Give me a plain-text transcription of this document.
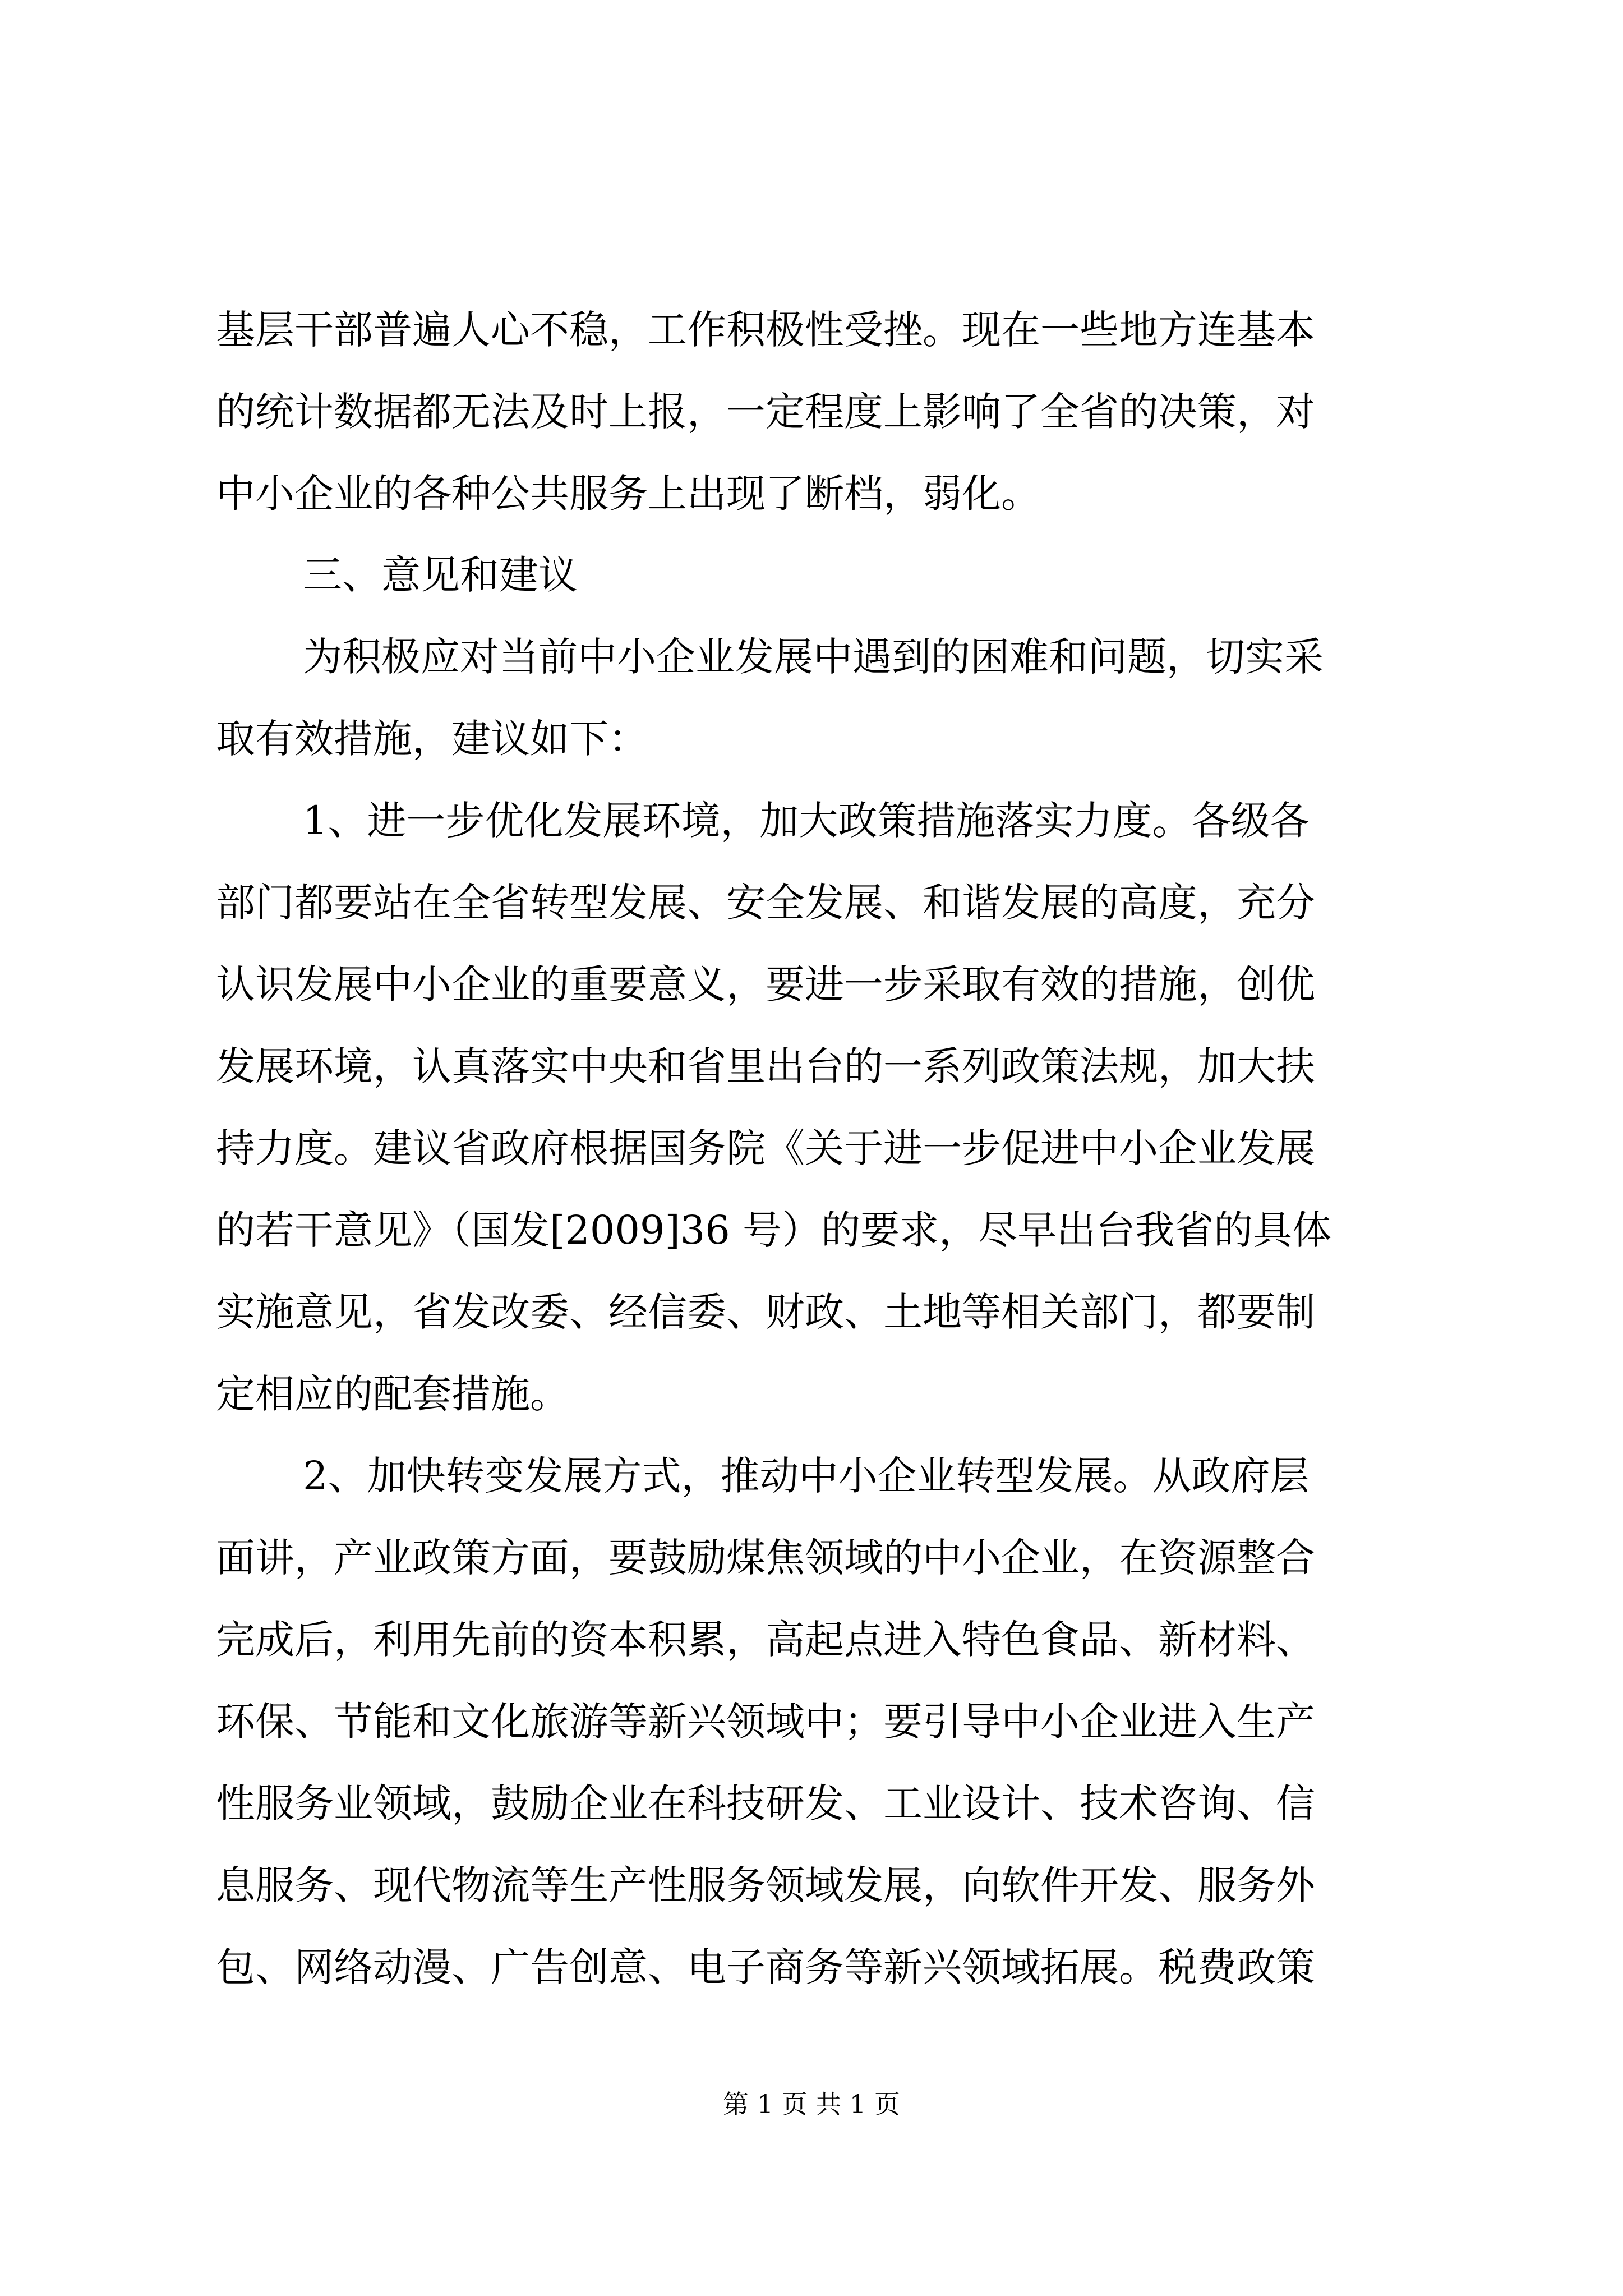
基层干部普遍人心不稳，工作积极性受挫。现在一些地方连基本
的统计数据都无法及时上报，一定程度上影响了全省的决策，对
中小企业的各种公共服务上出现了断档，弱化。
三、意见和建议
为积极应对当前中小企业发展中遇到的困难和问题，切实采
取有效措施，建议如下：
1、进一步优化发展环境，加大政策措施落实力度。各级各
部门都要站在全省转型发展、安全发展、和谐发展的高度，充分
认识发展中小企业的重要意义，要进一步采取有效的措施，创优
发展环境，认真落实中央和省里出台的一系列政策法规，加大扶
持力度。建议省政府根据国务院《关于进一步促进中小企业发展
的若干意见》（国发[2009]36 号）的要求，尽早出台我省的具体
实施意见，省发改委、经信委、财政、土地等相关部门，都要制
定相应的配套措施。
2、加快转变发展方式，推动中小企业转型发展。从政府层
面讲，产业政策方面，要鼓励煤焦领域的中小企业，在资源整合
完成后，利用先前的资本积累，高起点进入特色食品、新材料、
环保、节能和文化旅游等新兴领域中；要引导中小企业进入生产
性服务业领域，鼓励企业在科技研发、工业设计、技术咨询、信
息服务、现代物流等生产性服务领域发展，向软件开发、服务外
包、网络动漫、广告创意、电子商务等新兴领域拓展。税费政策
第 1 页 共 1 页
